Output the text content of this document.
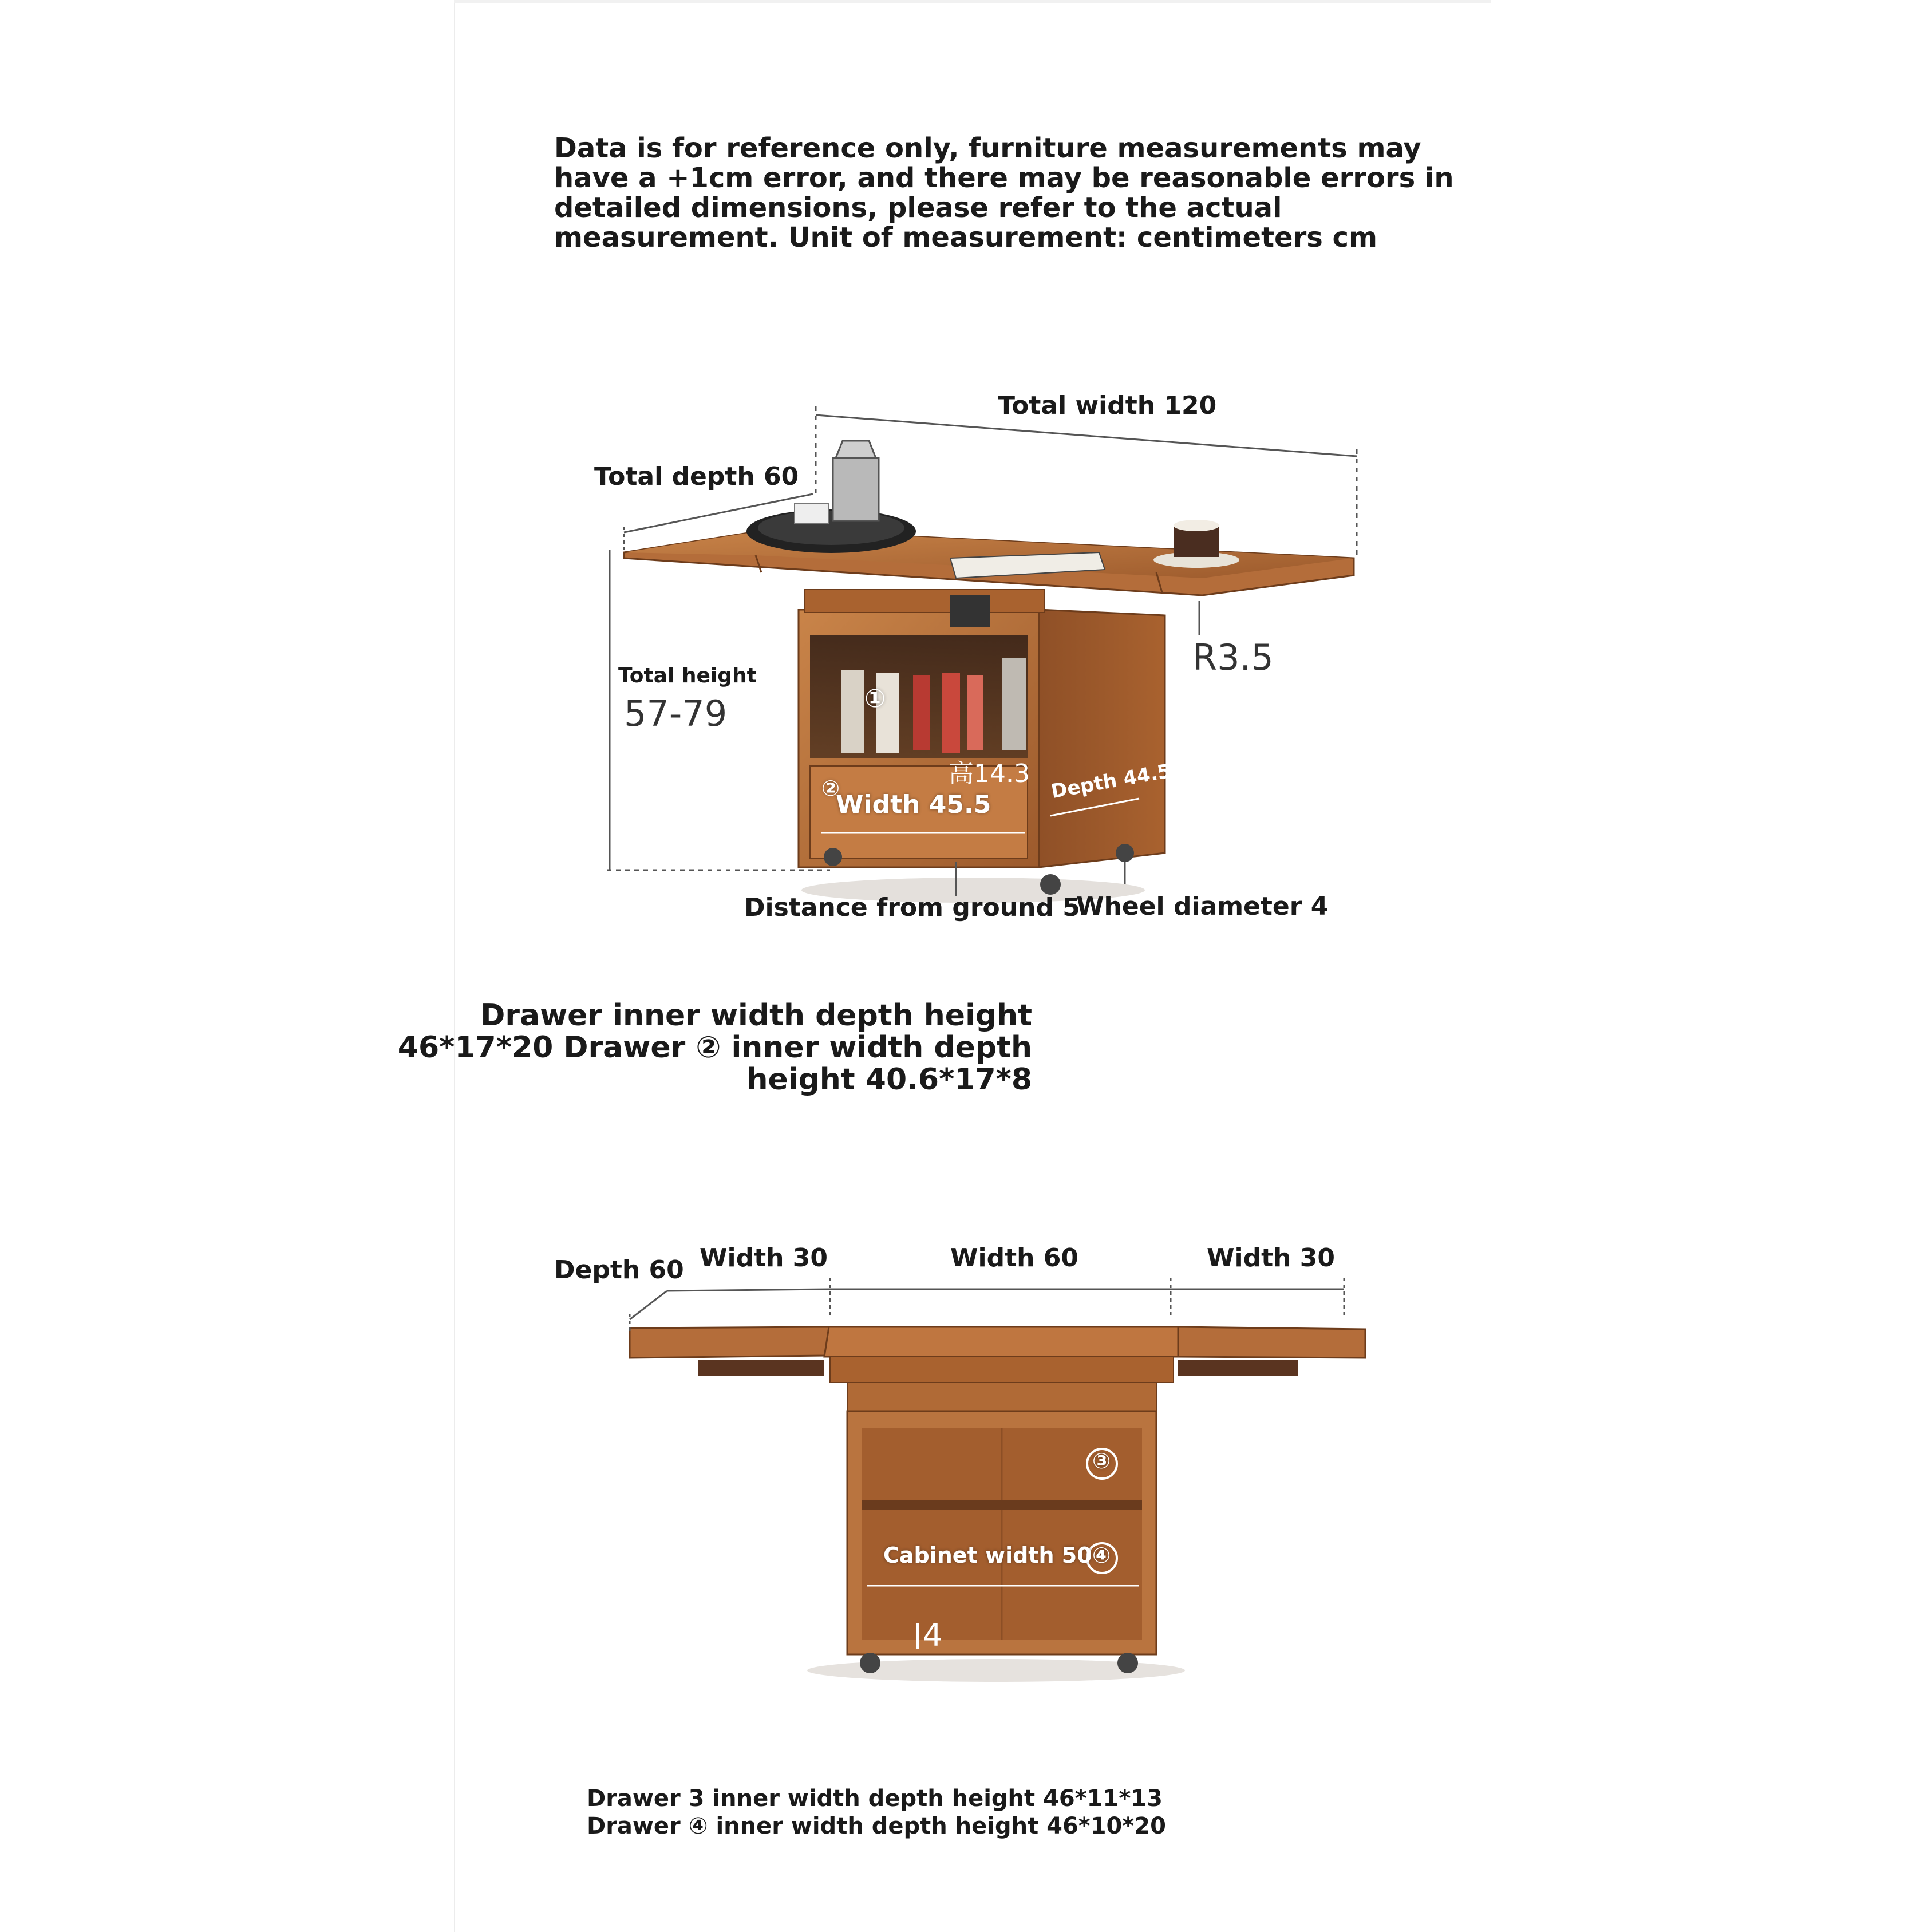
Data is for reference only, furniture measurements may
have a +1cm error, and there may be reasonable errors in
detailed dimensions, please refer to the actual
measurement. Unit of measurement: centimeters cm
Total width 120
Total depth 60
R3.5
Total height
57-79	①
高14.3
②
Width 45.5
Depth 44.5
Distance from ground 5
Wheel diameter 4
Drawer inner width depth height
46*17*20 Drawer ② inner width depth
height 40.6*17*8
Depth 60 Width 30	Width 60	Width 30
③
④
Cabinet width 50
4
Drawer 3 inner width depth height 46*11*13
Drawer ④ inner width depth height 46*10*20
